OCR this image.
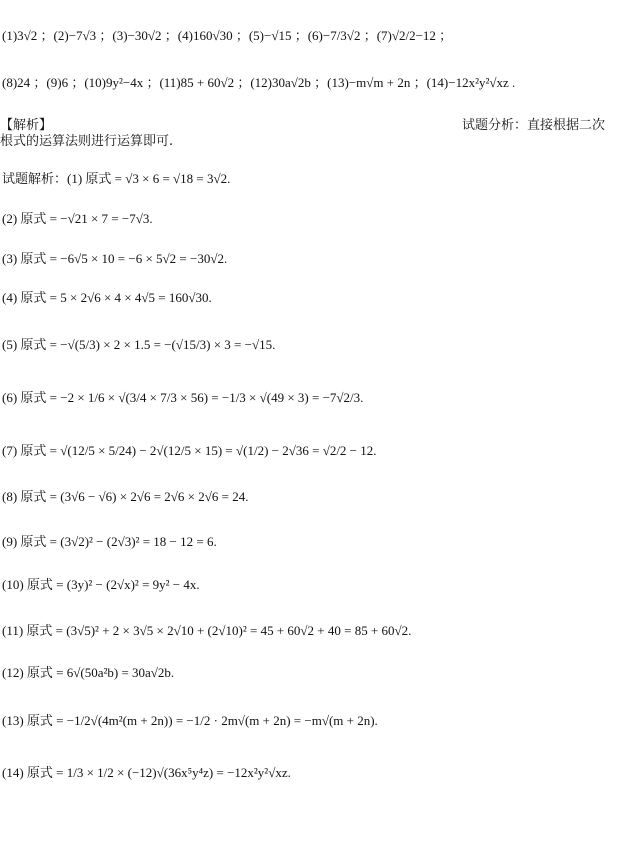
(1)3√2 ；(2)−7√3 ；(3)−30√2 ；(4)160√30 ；(5)−√15 ；(6)−7/3√2 ；(7)√2/2−12 ；
(8)24 ；(9)6 ；(10)9y²−4x ；(11)85 + 60√2 ；(12)30a√2b ；(13)−m√m + 2n ；(14)−12x²y²√xz .
【解析】	试题分析：直接根据二次
根式的运算法则进行运算即可.
试题解析：(1) 原式 = √3 × 6 = √18 = 3√2.
(2) 原式 = −√21 × 7 = −7√3.
(3) 原式 = −6√5 × 10 = −6 × 5√2 = −30√2.
(4) 原式 = 5 × 2√6 × 4 × 4√5 = 160√30.
(5) 原式 = −√(5/3) × 2 × 1.5 = −(√15/3) × 3 = −√15.
(6) 原式 = −2 × 1/6 × √(3/4 × 7/3 × 56) = −1/3 × √(49 × 3) = −7√2/3.
(7) 原式 = √(12/5 × 5/24) − 2√(12/5 × 15) = √(1/2) − 2√36 = √2/2 − 12.
(8) 原式 = (3√6 − √6) × 2√6 = 2√6 × 2√6 = 24.
(9) 原式 = (3√2)² − (2√3)² = 18 − 12 = 6.
(10) 原式 = (3y)² − (2√x)² = 9y² − 4x.
(11) 原式 = (3√5)² + 2 × 3√5 × 2√10 + (2√10)² = 45 + 60√2 + 40 = 85 + 60√2.
(12) 原式 = 6√(50a²b) = 30a√2b.
(13) 原式 = −1/2√(4m²(m + 2n)) = −1/2 · 2m√(m + 2n) = −m√(m + 2n).
(14) 原式 = 1/3 × 1/2 × (−12)√(36x⁵y⁴z) = −12x²y²√xz.
